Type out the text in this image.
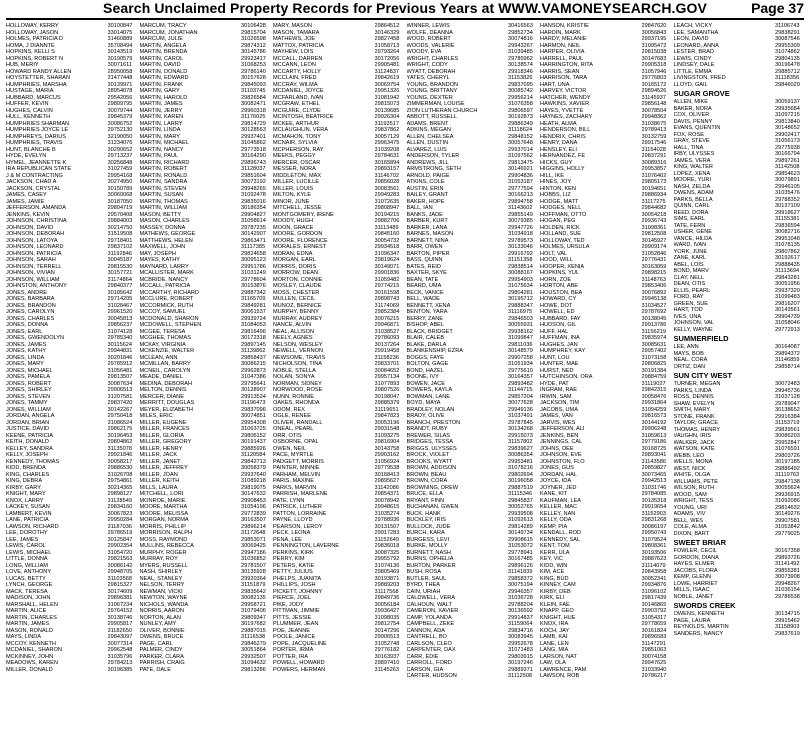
Search Unclaimed Property Records for Previous Years at WWW.VAMONEYSEARCH.GOV	Page 37
HOLLOWAY, KERRY	30100847
HOLLOWAY, JASON	33014075
HOLMES, PATRICIA D	31460889
HOMA, J DIANNTE	35708494
HOPKINS, KELLI S	30143519
HOPKINS, ROBERT N	30190579
HUB, MERIY	30071611
HOWARD RANDY ALLEN	28950058
HOYSTETTER, SHARAN	31477448
HUMPHRIES, MARSHA	30139971
HUSTAGE, MARIA	28954078
HUBBARD, MARCUS	29542056
HUFFER, KEVIN	29809795
HUGHES, CALVIN	30079744
HULL, KENNETH	29845379
HUMPHRIES SHARMAN	30086752
HUMPHRIES JOYCE LE	29752130
HUMPHREYS, DARIUS	32190050
HUMPHRIES, TRAVIS	31234076
HUNT, BLANCHE B	30290652
HYDE, EVELYN	29713237
HYMEL, JEANNETTE K	30256848
IRA REPUBLICAN STATE	31027459
J & M CONTRACTING	29954168
JACKSON, CHAD A	30274950
JACKSON, CRYSTAL	30150789
JAMES, CASEY	30060068
JAMES, JAMIE	30187050
JEFFERSON, AMANDA	29804719
JENKINS, KEVIN	29570408
JOHNSON, CHRISTINA	29884003
JOHNSON, DAVID	30214750
JOHNSON, DEBORAH	31519508
JOHNSON, LATOYA	29718401
JOHNSON, LEONARD	29837102
JOHNSON, PATRICIA	31192846
JOHNSON, SARAH	30045187
JOHNSON, TERRELL	29815530
JOHNSON, VIVIAN	30157721
JOHNSON, WILLIAM	31174864
JOHNSTON, ANTHONY	29840377
JONES, ANDRE	30185642
JONES, BARBARA	29714205
JONES, BRANDON	31028467
JONES, CAROLYN	29961520
JONES, CHARLES	30045813
JONES, DONNA	29856237
JONES, EARL	31074128
JONES, GWENDOLYN	29785340
JONES, JAMES	30115624
JONES, KATHY	29944831
JONES, LINDA	30201846
JONES, MARY	29785912
JONES, MICHAEL	31056481
JONES, PAMELA	29813507
JONES, ROBERT	30087634
JONES, SHIRLEY	29906513
JONES, STEVEN	31207581
JONES, TAMMY	29837420
JONES, WILLIAM	30142267
JORDAN, ANGELA	29750418
JORDAN, BRIAN	31086524
JUSTICE, DAVID	29862175
KEENE, PATRICIA	30196453
KEITH, DONALD	29804862
KELLEY, SANDRA	31135078
KELLY, JOSEPH	29921846
KENNEDY, THOMAS	30058217
KIDD, BRENDA	29886530
KING, CHARLES	31026708
KING, DEBRA	29754861
KIRBY, GARY	30214365
KNIGHT, MARY	29898127
KNOX, LARRY	31128549
LACKEY, SUSAN	29834160
LAMBERT, KEVIN	30067823
LANE, PATRICIA	29950284
LAWSON, RICHARD	31187036
LEE, DOROTHY	29786519
LEE, JAMES	30125847
LEWIS, CAROL	29902354
LEWIS, MICHAEL	31054720
LITTLE, DONNA	29821563
LONG, WILLIAM	30086142
LOVE, ANTHONY	29948705
LUCAS, BETTY	31103568
LYNCH, GEORGE	29815327
MACK, TERESA	30174609
MADISON, JOHN	29896381
MARSHALL, HELEN	31067234
MARTIN, ALICE	29764152
MARTIN, CHARLES	30138746
MARTIN, JAMES	29905817
MASON, RONALD	31182650
MAYS, LINDA	29843097
MCCOY, KENNETH	30077314
MCDANIEL, SHARON	29962548
MCKINNEY, JOHN	31035796
MEADOWS, KAREN	29784213
MILLER, DONALD	30196385
MARCUM, TRACY	30106428
MARCUM, JONATHAN	29815704
MARCUM, JULIE	31026598
MARTIN, ANGELA	29874312
MARTIN, BRENDA	30145786
MARTIN, CAROL	29923417
MARTIN, DAVID	31068253
MARTIN, DONALD	29786140
MARTIN, EDWARD	30157628
MARTIN, FRANK	29845093
MARTIN, GARY	31103745
MARTIN, HAROLD	29826584
MARTIN, JAMES	30082471
MARTIN, JERRY	29960318
MARTIN, KAREN	31176025
MARTIN, LARRY	29814729
MARTIN, LINDA	30128563
MARTIN, MARY	29937401
MARTIN, MICHAEL	31045862
MARTIN, NANCY	29773518
MARTIN, PAUL	30164290
MARTIN, RICHARD	29896743
MARTIN, ROBERT	31128037
MARTIN, RONALD	29851604
MARTIN, SANDRA	30073192
MARTIN, STEVEN	29948265
MARTIN, SUSAN	31092478
MARTIN, THOMAS	29835016
MARTIN, WILLIAM	30186354
MASON, BETTY	29904827
MASON, CHARLES	31058614
MASSEY, DONNA	29787235
MATHEWS, GEORGE	30142907
MATTHEWS, HELEN	29863471
MAXWELL, JOHN	31117385
MAY, JOSEPH	29824658
MAYES, KATHY	30095123
MAYNARD, LARRY	29951786
MCALLISTER, MARK	31031249
MCBRIDE, NANCY	29778604
MCCALL, PATRICIA	30153876
MCCARTHY, RICHARD	29887342
MCCLURE, ROBERT	31165709
MCCORMICK, RUTH	29849281
MCCOY, SAMUEL	30061537
MCDONALD, SHARON	29939724
MCDOWELL, STEPHEN	31084053
MCGEE, TERESA	29816496
MCGHEE, THOMAS	30172318
MCKAY, VIRGINIA	29897145
MCKENZIE, WALTER	31139862
MCLEAN, ANN	29858437
MCMILLAN, BARRY	30086215
MCNEIL, CAROLYN	29962873
MEADE, DANIEL	31047386
MEDINA, DEBORAH	29795641
MELTON, DENNIS	30128907
MERCER, DIANE	29913524
MERRITT, DOUGLAS	31196473
MEYER, ELIZABETH	29837096
MILES, ERIC	30074851
MILLER, EUGENE	29954308
MILLER, FRANCES	31063725
MILLER, GLORIA	29806152
MILLER, GREGORY	30191437
MILLER, HENRY	29885926
MILLER, JACK	31120584
MILLER, JANET	29842713
MILLER, JEFFREY	30058379
MILLER, JOAN	29937640
MILLER, KEITH	31089218
MILLS, LAURA	29819075
MITCHELL, LORI	30147632
MONROE, MARIE	29908453
MOORE, MARTHA	31054196
MOORE, MELISSA	29772839
MORGAN, NORMA	30163507
MORRIS, PHILLIP	29896214
MORRISON, RALPH	31172648
MOSS, RAYMOND	29853071
MULLINS, REBECCA	30069425
MURPHY, ROGER	29947186
MURRAY, ROY	31036852
MYERS, RUSSELL	29781507
NASH, SHIRLEY	30135928
NEAL, STANLEY	29920364
NELSON, TERRY	31151879
NEWMAN, VICKI	29835642
NEWTON, WAYNE	30082135
NICHOLS, WANDA	29958721
NORRIS, AARON	31079406
NORTON, ALAN	29809347
NUNLEY, AMY	30197682
OLIVER, BONNIE	29887015
OWENS, BRUCE	31116538
PAGE, CARL	29846279
PALMER, CINDY	30051864
PARKER, CLARA	29932507
PARRISH, CRAIG	31094632
PATE, DALE	29813286
MARY, MASON	29864512
MASON, TAMARA	30146329
MATHEWS, JOE	29827458
MATTOX, PATRICIA	31058713
MAYHEW, LOIS	29793264
MCCALL, DARREN	30172056
MCCANN, LEON	29905481
MCCARTY, HOLLY	31124837
MCCLAIN, FRED	29842619
MCCRAY, WILMA	30069754
MCDANIEL, JOYCE	29951326
MCFARLAND, IVAN	31081942
MCGRAW, ETHEL	29815073
MCGUIRE, CLYDE	30139685
MCINTOSH, BEATRICE	29926304
MCKEE, ARTHUR	31193517
MCLAUGHLIN, VERA	29837862
MCMAHON, TONY	30057129
MCNAIR, SYLVIA	29963475
MCPHERSON, RAY	31039208
MEEKS, PEGGY	29784631
MERCER, OSCAR	30165894
MESSER, NORA	29893157
MIDDLETON, MAX	31146702
MILLER, LUCILLE	29856028
MILLER, LOUIS	30083561
MILTON, KYLE	29949283
MINOR, JUNE	31072635
MITCHELL, JESSE	29808947
MONTGOMERY, IRENE	30194215
MOODY, HUGH	29882706
MOON, GRACE	31113489
MOORE, GORDON	29845160
MOORE, FLORENCE	30054732
MORALES, ERNEST	29934518
MORAN, EDNA	31096347
MORGAN, EARL	29819624
MORRIS, DORIS	30149071
MORROW, DEAN	29901836
MORTON, CONNIE	31059482
MOSLEY, CLAUDE	29774215
MOSS, CHESTER	30161598
MULLEN, CECIL	29898743
MUNOZ, BERNICE	31174069
MURPHY, BENNY	29852384
MURRAY, AUDREY	30076215
NANCE, ALVIN	29946871
NEAL, ALLISON	31038527
NEELY, AGNES	29786093
NELSON, WESLEY	30137264
NEWELL, VERNON	29919458
NEWSOME, TRAVIS	31158236
NICHOLSON, TINA	29833701
NOBLE, STELLA	30084652
NOLAN, SONYA	29957134
NORMAN, SIDNEY	31077893
NORWOOD, ROSE	29807526
NUNN, RONNIE	30198047
OAKES, RHONDA	29885379
ODOM, REX	31119651
OGLE, RENEE	29847823
OLIVER, RANDALL	30053196
ONEAL, PEARL	29931548
ORR, OTIS	31093275
OSBORNE, OPAL	29816904
OWEN, NEIL	30143758
PACE, MYRTLE	29903162
PADGETT, MORRIS	31056924
PAINTER, MINNIE	29779538
PARHAM, MELVIN	30168413
PARIS, MAXINE	29895627
PARKS, MARVIN	31142086
PARRISH, MARLENE	29854371
PATE, LYNN	30078942
PATRICK, LUTHER	29948615
PATTON, LORRAINE	31035274
PAYNE, LLOYD	29788936
PEARSON, LEROY	30131507
PECK, LEONA	29917283
PENA, LEE	31152649
PENNINGTON, LAVERNE	29836018
PERKINS, KIRK	30087325
PERRY, KIM	29955792
PETERS, KATIE	31074136
PETTY, JULIUS	29805469
PHELPS, JUANITA	30193871
PHILLIPS, JOSH	29889203
PICKETT, JOHNNY	31117568
PIERCE, JOEL	29849736
PIKE, JODY	30056184
PITTMAN, JIMMIE	29936427
PITTS, JESSIE	31098035
PLUMMER, JEAN	29812754
POE, JEANNE	30147296
POOLE, JANICE	29906513
POPE, JACQUELINE	31052748
PORTER, IRMA	29776182
POTTER, IRA	30163937
POWELL, HOWARD	29897410
POWERS, HERMAN	31145263
WINNER, LEWIS	30416563
WOLFE, DEANNA	29852734
WOOD, ROBERT	30074816
WOODS, VALERIE	29943267
WOODY, EVA	31039485
WRIGHT, CHARLES	29785962
WRIGHT, CODY	30138574
WYATT, DEBORAH	29918346
YATES, CHERYL	31153826
YOUNG, BRANDON	29837095
YOUNG, BRITTANY	30085742
YOUNG, DEXTER	29956214
ZIMMERMAN, LOUISE	31076358
ZION LUTHERAN CHURCH	29806597
ABBOTT, RUSSELL	30192873
ADAMS, BRENT	29886349
ADKINS, MEGAN	31118624
ALLEN, CHELSEA	29848152
ALLEN, DUSTIN	30057648
ALVAREZ, LUIS	29937014
ANDERSON, TYLER	31097562
ANDREWS, JILL	29813475
ARMSTRONG, SETH	30146921
ARNOLD, PAIGE	29904836
ATKINS, COLE	31053187
AUSTIN, ERIN	29777594
BAILEY, GRANT	30166213
BAKER, HOPE	29894758
BALL, IAN	31143602
BANKS, JADE	29855149
BARBER, KURT	30079385
BARKER, LANA	29947726
BARNES, MASON	31034918
BARNETT, NINA	29789573
BARR, OWEN	30133046
BARTON, PIPER	29916792
BASS, QUINN	31151358
BATES, REID	29838514
BAXTER, SKYE	30088167
BEAN, TATE	29954903
BEARD, UMA	31075634
BECK, VANCE	29804281
BELL, WADE	30195712
BENNETT, XENA	29888347
BENTON, YARA	31116975
BERRY, ZANE	29846503
BISHOP, ABEL	30055931
BLACK, BRIDGET	29938162
BLAIR, CALEB	31099847
BLAKE, DARLA	29811036
BLANKENSHIP, EZRA	30148579
BOGGS, FAYE	29907258
BOLTON, GAGE	31051934
BOND, HAZEL	29775610
BOONE, IVY	30164357
BOWEN, JACE	29893482
BOWERS, KAYLA	31144715
BOWMAN, LANE	29857204
BOYD, MAYA	30077628
BRADLEY, NOLAN	29949136
BRADY, OLIVE	31037491
BRANCH, PRESTON	29787845
BRANDT, RUBY	30134268
BREWER, SILAS	29915073
BRIDGES, TESSA	31157802
BRIGGS, ULYSSES	29839627
BROCK, VIOLET	30086354
BROOKS, WYATT	29953481
BROWN, ADDISON	31078216
BROWN, BEAU	29802694
BROWN, CORA	30196058
BROWNING, DREW	29887519
BRUCE, ELLA	31115346
BRYANT, FINN	29845837
BUCHANAN, GWEN	30052765
BUCK, HANK	29939508
BUCKLEY, IRIS	31092613
BULLOCK, JUDE	29814289
BURCH, KARA	30149734
BURGESS, LEVI	29908615
BURKE, MOLLY	31053072
BURNETT, NASH	29778941
BURNS, OPHELIA	30167485
BURTON, PARKER	29896126
BUSH, ROSA	31141839
BUTLER, SAUL	29858372
BYRD, THEA	30075194
CAIN, URIAH	29946357
CALDWELL, VERA	31036728
CALHOUN, WALT	29788204
CAMERON, XAVIER	30136592
CAMP, YOLANDA	29914837
CAMPBELL, ZEKE	31159064
CANNON, ADA	29834716
CANTRELL, BO	30083945
CARLSON, CLEO	29952678
CARPENTER, DAX	31071483
CARR, EDIE	29803915
CARROLL, FORD	30197246
CARSON, GIA	29889371
CARTER, HUDSON	31112508
HANSON, KRISTIE	29847620
HARDIN, MARK	30056843
HARDY, MELANIE	29937195
HARMON, NEIL	31095472
HARPER, OLIVIA	29815038
HARRELL, PAUL	30147683
HARRINGTON, RITA	29905318
HARRIS, SEAN	31057946
HARRISON, TARA	29776803
HART, UNA	30165172
HARVEY, VICTOR	29894526
HATCHER, WENDY	31145937
HAWKINS, XAVIER	29856148
HAYES, YVETTE	30078504
HAYNES, ZACHARY	29948362
HEATH, ALMA	31038675
HENDERSON, BILL	29789413
HENDRIX, CHRIS	30132759
HENRY, DANA	29917546
HENSLEY, ELI	31154028
HERNANDEZ, FE	29837291
HICKS, GUY	30089316
HIGGINS, HOLLY	29953857
HILL, IKE	31076402
HINES, JOY	29805173
HINTON, KEN	30194651
HOBBS, LIZ	29886934
HODGE, MATT	31117275
HODGES, NELL	29844682
HOFFMAN, OTTO	30054218
HOGAN, PEG	29936743
HOLDEN, RICK	31098361
HOLLAND, SUE	29812508
HOLLOWAY, TED	30145927
HOLMES, URSULA	29909174
HOLT, VAL	31052846
HOOD, WILL	29776431
HOOPER, XENIA	30163059
HOPKINS, YUL	29898215
HORN, ZOE	31148763
HORTON, ABE	29853406
HOUSTON, BEA	30076892
HOWARD, CY	29945138
HOWE, DOT	31034527
HOWELL, ED	29787692
HUBBARD, FAY	30138045
HUDSON, GIL	29913786
HUFF, HAL	31156219
HUFFMAN, INA	29835974
HUGHES, JAN	30085631
HUMPHREY, KAY	29957402
HUNT, LOU	31073158
HUNTER, MAE	29806825
HURST, NED	30191384
HUTCHINSON, ORA	29884759
HYDE, PAT	31119027
INGRAM, RAE	29842315
IRWIN, SAM	30058476
JACKSON, TIM	29931864
JACOBS, UMA	31094259
JAMES, VAN	29816573
JARVIS, WES	30144192
JEFFERSON, ALI	29906248
JENKINS, BEN	31059613
JENNINGS, CAL	29779186
JOHNS, DEE	30168725
JOHNSON, EVE	29893041
JOHNSTON, FLO	31143586
JONES, GUS	29859827
JORDAN, HAL	30073465
JOYCE, IDA	29942513
JOYNER, JED	31031746
KANE, KIT	29784085
KAUFMAN, LEA	30135318
KELLER, MAC	29919654
KELLEY, NAN	31152903
KELLY, ODA	29831268
KEMP, PIA	30086197
KENDALL, ROD	29950743
KENNEDY, SAL	31079524
KENT, TOM	29808361
KERR, ULA	30193506
KEY, VIC	29887623
KIDD, WIN	31114079
KIM, ACE	29843958
KING, BUD	30052341
KINNEY, CAM	29934876
KIRBY, DEB	31096102
KIRK, ELI	29817439
KLEIN, FAE	30146865
KNAPP, GEO	29903792
KNIGHT, HUE	31054317
KNOX, IRA	29778659
KOCH, JAY	30161824
LAMB, KAI	29896583
LANE, LEN	31147291
LANG, MIA	29851063
LARSON, NAT	30074158
LAW, OLA	29947625
LAWRENCE, PAM	31033940
LAWSON, ROB	29786217
LEACH, VICKY	31106743
LEE, SAMANTHA	29838291
LEON, DAVID	30087546
LEONARD, ANNA	29955309
LESTER, BRAD	31074862
LEWIS, CINDY	29804135
LINDSEY, DALE	30196478
LITTLE, EMMA	29885712
LIVINGSTON, FRED	31118356
LLOYD, GAIL	29846029
SUGAR GROVE
ALLEN, MIKE	30059137
BAKER, NORA	29935684
COX, OLIVER	31097215
DAVIS, PENNY	29813840
EVANS, QUENTIN	30148652
FOX, ROSE	29902417
GRAY, STEVE	31056173
HALL, TINA	29775938
IRBY, ULYSSES	30166794
JAMES, VERA	29897261
KING, WALTER	31142508
LOPEZ, XENA	29854623
MOORE, YURI	30079891
NASH, ZELDA	29946105
OWENS, ADAM	31035476
PARKS, BELLA	29788352
QUINN, CARL	30137109
REED, DORA	29918627
SIMS, EARL	31155381
TATE, FERN	29836594
USHER, GENE	30082716
VANCE, HILDA	29951048
WARD, IVAN	31078135
YORK, JUNE	29807862
ZANE, KARL	30192617
ABEL, LOIS	29888435
BOND, MARV	31113694
CLAY, NELL	29843281
DEAN, OTIS	30051956
ELLIS, PEARL	29937320
FORD, RAY	31099483
GREEN, SUE	29816207
HART, TOD	30143561
IVES, UNA	29904739
JOHNSON, VAL	31058046
KELLY, WAYNE	29772913
SUMMERFIELD
LEE, ANN	30164087
MAYS, BOB	29894372
NEAL, CORA	31146859
ORTIZ, DAN	29858714
SUN CITY WEST
TURNER, MEGAN	30072483
PARKS, LINDA	29945736
ROSS, DENNIS	31037128
SHAW, EVELYN	29789047
SMITH, MARY	30138652
STONE, FRANK	29916384
TAYLOR, GRACE	31153719
THOMAS, HENRY	29839561
VAUGHN, IRIS	30086203
WALKER, JACK	29952847
WATSON, KATE	31076591
WEBB, LEO	29803726
WELLS, MONA	30197185
WEST, NICK	29886492
WHITE, OLGA	31119763
WILLIAMS, PETE	29847138
WILSON, RUTH	30055624
WOOD, SAM	29936915
WRIGHT, TESS	31092086
YOUNG, URI	29814632
ADAMS, VIV	30149276
BELL, WES	29907581
COLE, ALMA	31053842
DIXON, BART	29779025
SWEET BRIAR
FOWLER, CECIL	30167358
GORDON, DIANA	29893726
HAYES, ELMER	31141492
JACOBS, FLORA	29855381
KEMP, GLENN	30073908
LOWE, HARRIET	29948267
MILLS, ISAAC	31036154
NOBLE, JANET	29786538
SWORDS CREEK
OWENS, KENNETH	30134715
PAGE, LAURA	29915462
REYNOLDS, MARTIN	31158903
SANDERS, NANCY	29837619
